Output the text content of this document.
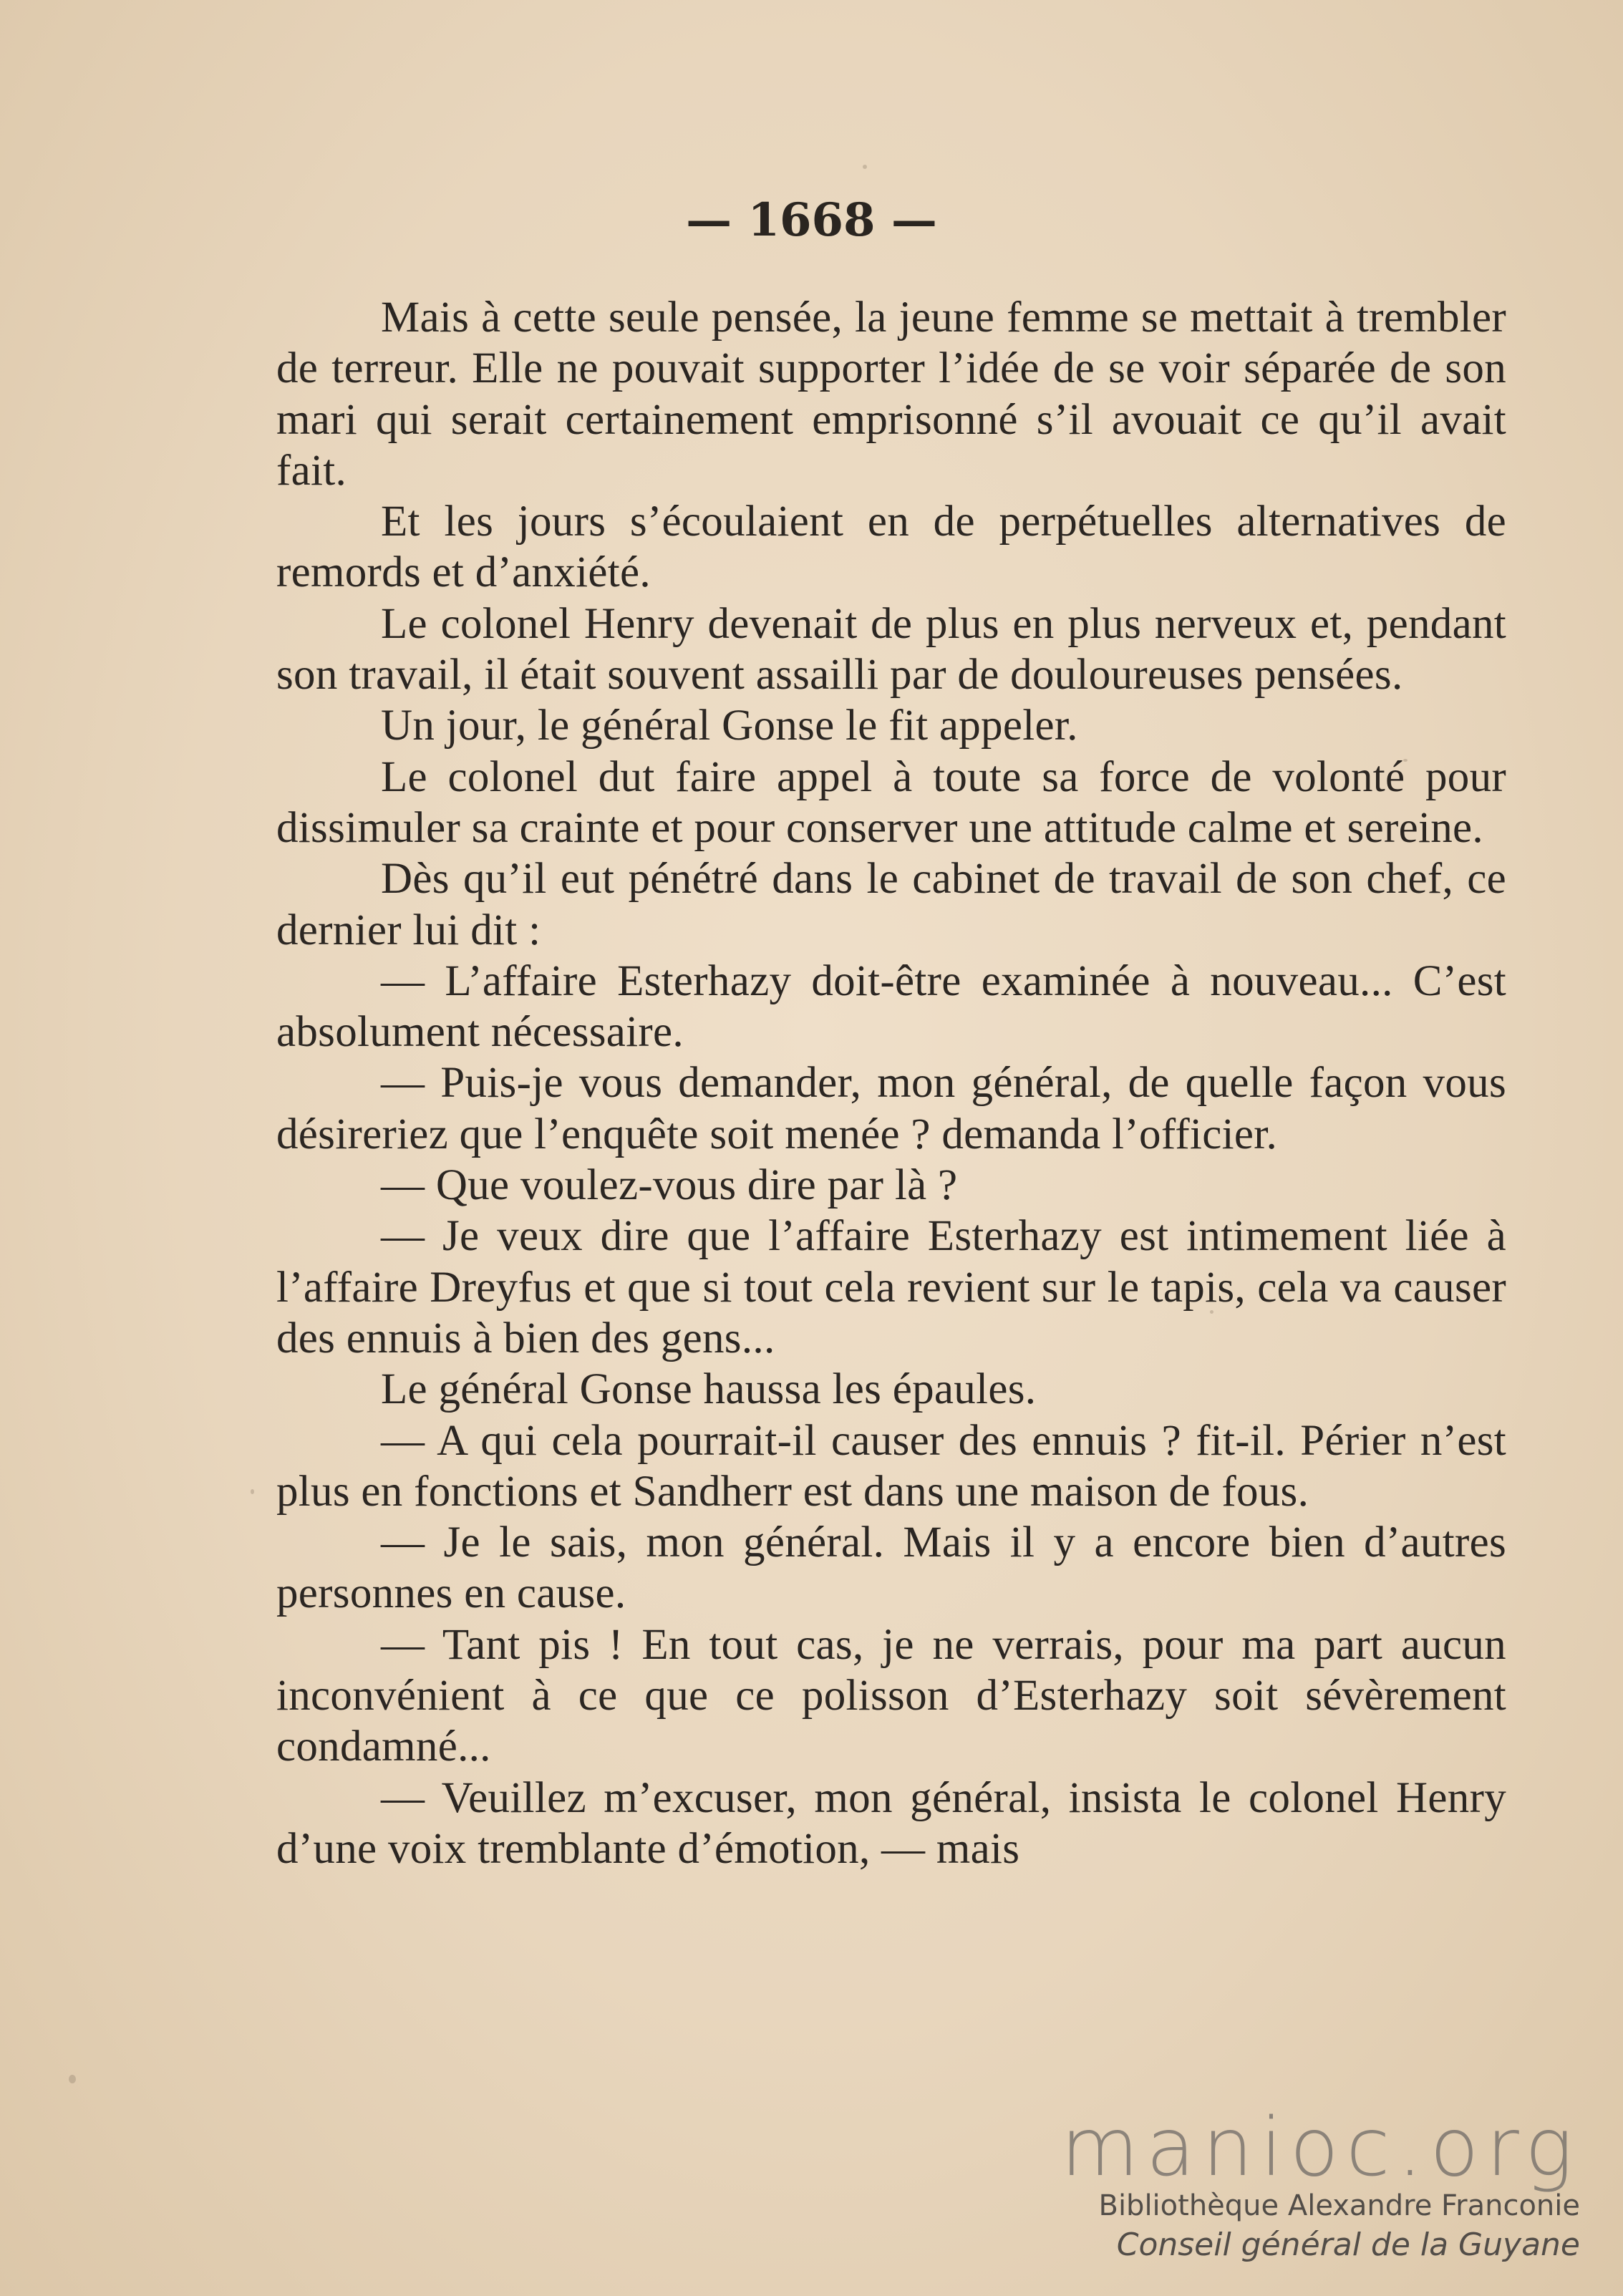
— 1668 —

Mais à cette seule pensée, la jeune femme se mettait à trembler de terreur. Elle ne pouvait supporter l’idée de se voir séparée de son mari qui serait certainement emprisonné s’il avouait ce qu’il avait fait.

Et les jours s’écoulaient en de perpétuelles alternatives de remords et d’anxiété.

Le colonel Henry devenait de plus en plus nerveux et, pendant son travail, il était souvent assailli par de douloureuses pensées.

Un jour, le général Gonse le fit appeler.

Le colonel dut faire appel à toute sa force de volonté pour dissimuler sa crainte et pour conserver une attitude calme et sereine.

Dès qu’il eut pénétré dans le cabinet de travail de son chef, ce dernier lui dit :

— L’affaire Esterhazy doit-être examinée à nouveau... C’est absolument nécessaire.

— Puis-je vous demander, mon général, de quelle façon vous désireriez que l’enquête soit menée ? demanda l’officier.

— Que voulez-vous dire par là ?

— Je veux dire que l’affaire Esterhazy est intimement liée à l’affaire Dreyfus et que si tout cela revient sur le tapis, cela va causer des ennuis à bien des gens...

Le général Gonse haussa les épaules.

— A qui cela pourrait-il causer des ennuis ? fit-il. Périer n’est plus en fonctions et Sandherr est dans une maison de fous.

— Je le sais, mon général. Mais il y a encore bien d’autres personnes en cause.

— Tant pis ! En tout cas, je ne verrais, pour ma part aucun inconvénient à ce que ce polisson d’Esterhazy soit sévèrement condamné...

— Veuillez m’excuser, mon général, insista le colonel Henry d’une voix tremblante d’émotion, — mais

manioc.org
Bibliothèque Alexandre Franconie
Conseil général de la Guyane
